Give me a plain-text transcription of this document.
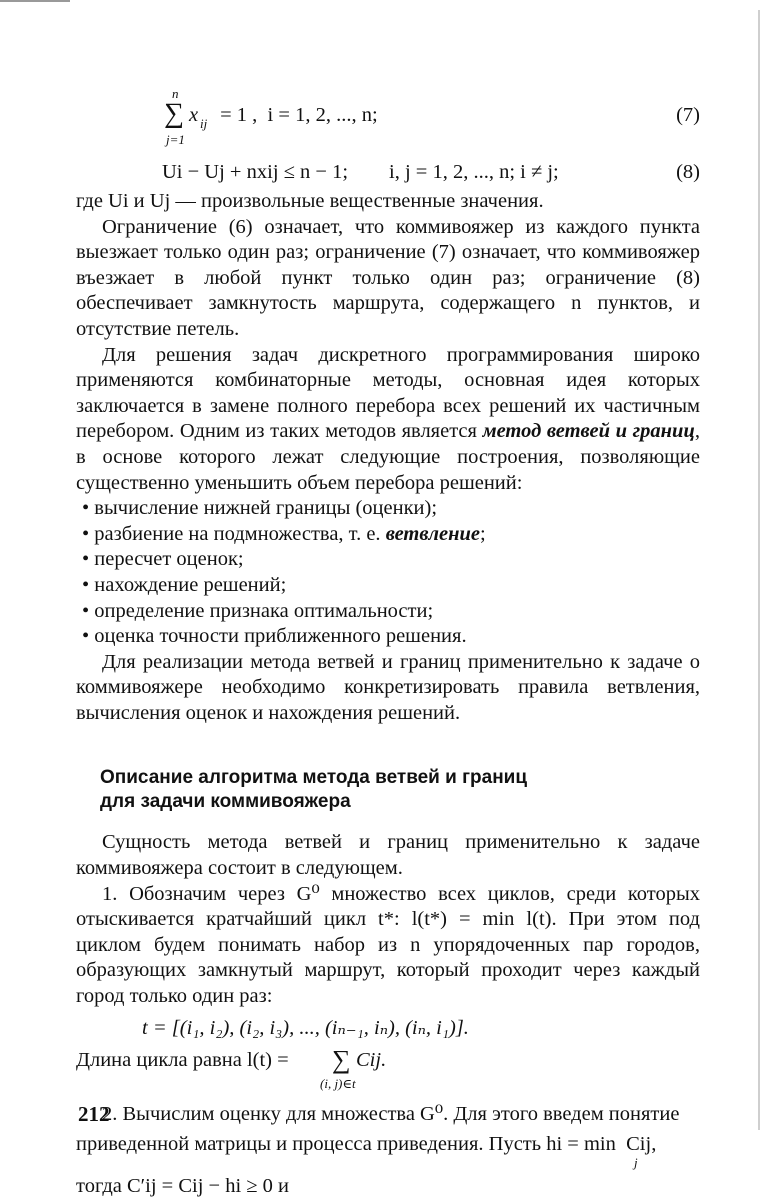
n
∑ x ij = 1 ,  i = 1, 2, ..., n;
j=1
(7)
Ui − Uj + nxij ≤ n − 1;        i, j = 1, 2, ..., n; i ≠ j;	(8)

где Ui и Uj — произвольные вещественные значения.

Ограничение (6) означает, что коммивояжер из каждого пункта выезжает только один раз; ограничение (7) означает, что коммивояжер въезжает в любой пункт только один раз; ограничение (8) обеспечивает замкнутость маршрута, содержащего n пунктов, и отсутствие петель.

Для решения задач дискретного программирования широко применяются комбинаторные методы, основная идея которых заключается в замене полного перебора всех решений их частичным перебором. Одним из таких методов является метод ветвей и границ, в основе которого лежат следующие построения, позволяющие существенно уменьшить объем перебора решений:

• вычисление нижней границы (оценки);
• разбиение на подмножества, т. е. ветвление;
• пересчет оценок;
• нахождение решений;
• определение признака оптимальности;
• оценка точности приближенного решения.

Для реализации метода ветвей и границ применительно к задаче о коммивояжере необходимо конкретизировать правила ветвления, вычисления оценок и нахождения решений.

Описание алгоритма метода ветвей и границ

для задачи коммивояжера

Сущность метода ветвей и границ применительно к задаче коммивояжера состоит в следующем.

1. Обозначим через G⁰ множество всех циклов, среди которых отыскивается кратчайший цикл t*: l(t*) = min l(t). При этом под циклом будем понимать набор из n упорядоченных пар городов, образующих замкнутый маршрут, который проходит через каждый город только один раз:

t = [(i₁, i₂), (i₂, i₃), ..., (iₙ₋₁, iₙ), (iₙ, i₁)].

Длина цикла равна l(t) = ∑ Cij.
(i, j)∈t

2. Вычислим оценку для множества G⁰. Для этого введем понятие

приведенной матрицы и процесса приведения. Пусть hi = min  Cij,
j

тогда C′ij = Cij − hi ≥ 0 и

212
